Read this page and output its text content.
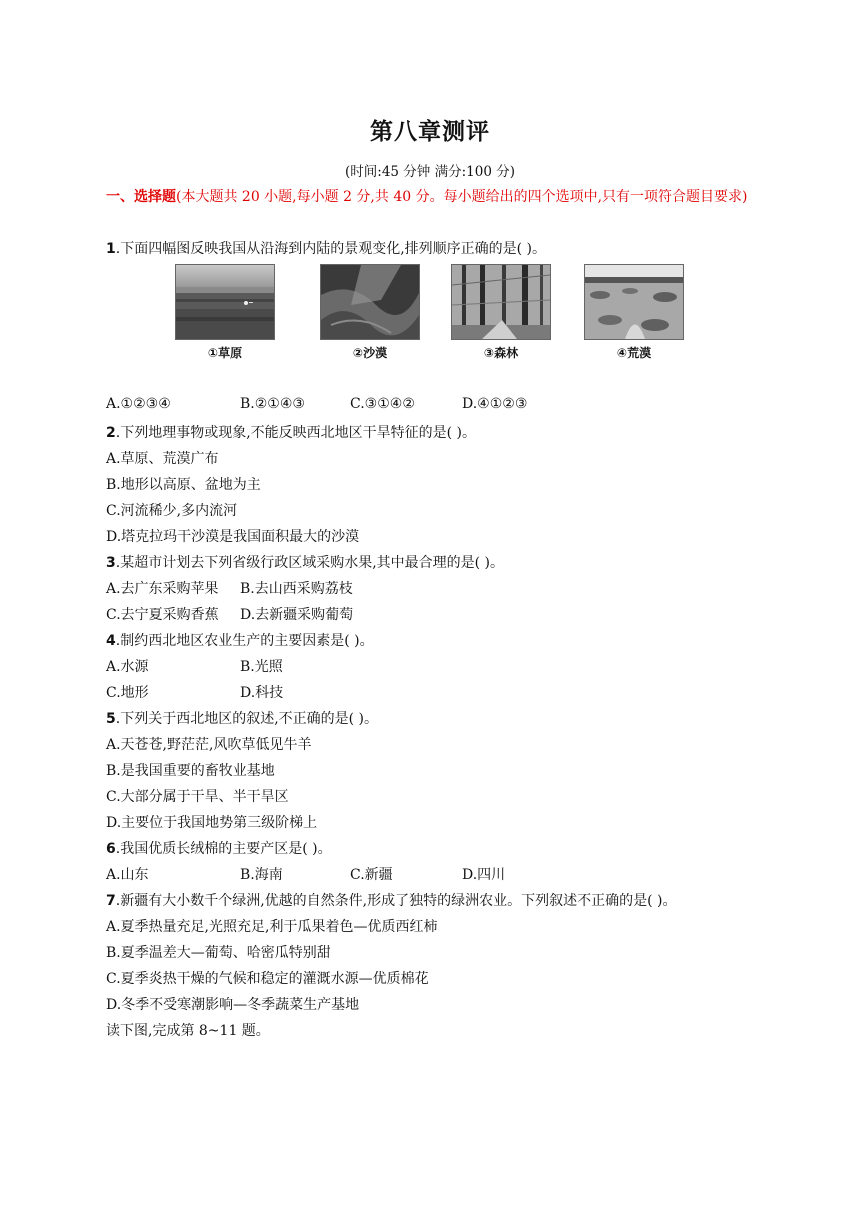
第八章测评
(时间:45 分钟 满分:100 分)
一、选择题(本大题共 20 小题,每小题 2 分,共 40 分。每小题给出的四个选项中,只有一项符合题目要求)
1.下面四幅图反映我国从沿海到内陆的景观变化,排列顺序正确的是( )。
①草原	②沙漠	③森林	④荒漠
A.①②③④	B.②①④③	C.③①④②	D.④①②③
2.下列地理事物或现象,不能反映西北地区干旱特征的是( )。
A.草原、荒漠广布
B.地形以高原、盆地为主
C.河流稀少,多内流河
D.塔克拉玛干沙漠是我国面积最大的沙漠
3.某超市计划去下列省级行政区域采购水果,其中最合理的是( )。
A.去广东采购苹果 B.去山西采购荔枝
C.去宁夏采购香蕉 D.去新疆采购葡萄
4.制约西北地区农业生产的主要因素是( )。
A.水源	B.光照
C.地形	D.科技
5.下列关于西北地区的叙述,不正确的是( )。
A.天苍苍,野茫茫,风吹草低见牛羊
B.是我国重要的畜牧业基地
C.大部分属于干旱、半干旱区
D.主要位于我国地势第三级阶梯上
6.我国优质长绒棉的主要产区是( )。
A.山东	B.海南	C.新疆	D.四川
7.新疆有大小数千个绿洲,优越的自然条件,形成了独特的绿洲农业。下列叙述不正确的是( )。
A.夏季热量充足,光照充足,利于瓜果着色—优质西红柿
B.夏季温差大—葡萄、哈密瓜特别甜
C.夏季炎热干燥的气候和稳定的灌溉水源—优质棉花
D.冬季不受寒潮影响—冬季蔬菜生产基地
读下图,完成第 8~11 题。
